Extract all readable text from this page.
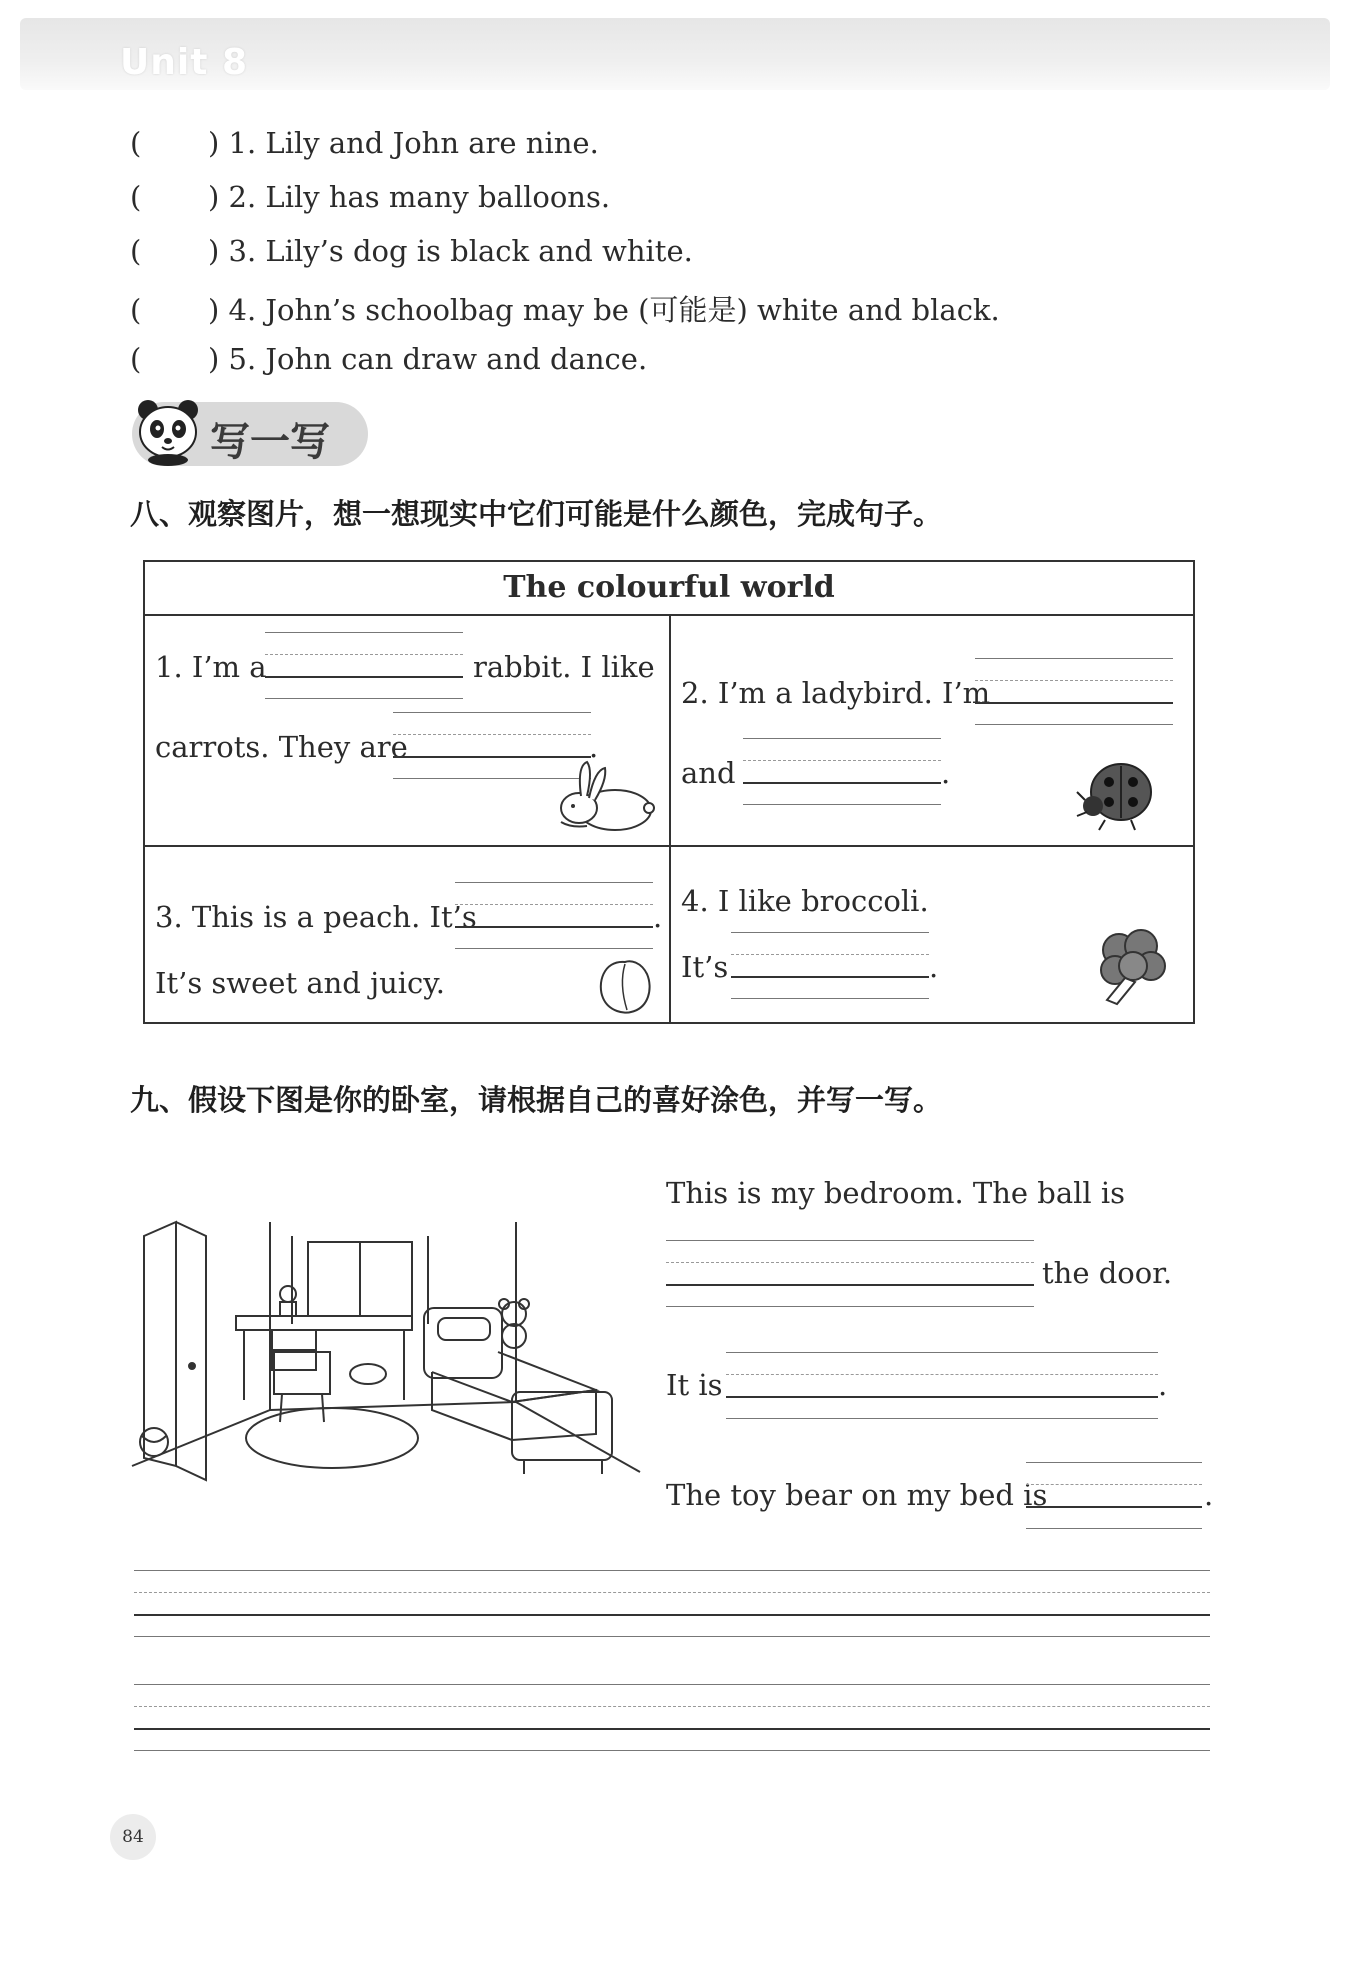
Unit 8
( ) 1. Lily and John are nine.
( ) 2. Lily has many balloons.
( ) 3. Lily’s dog is black and white.
( ) 4. John’s schoolbag may be (可能是) white and black.
( ) 5. John can draw and dance.
写一写
八、观察图片，想一想现实中它们可能是什么颜色，完成句子。
The colourful world
1. I’m a	rabbit. I like
carrots. They are	.
2. I’m a ladybird. I’m
and	.
3. This is a peach. It’s	.
It’s sweet and juicy.
4. I like broccoli.
It’s	.
九、假设下图是你的卧室，请根据自己的喜好涂色，并写一写。
This is my bedroom. The ball is
the door.
It is	.
The toy bear on my bed is	.
84
